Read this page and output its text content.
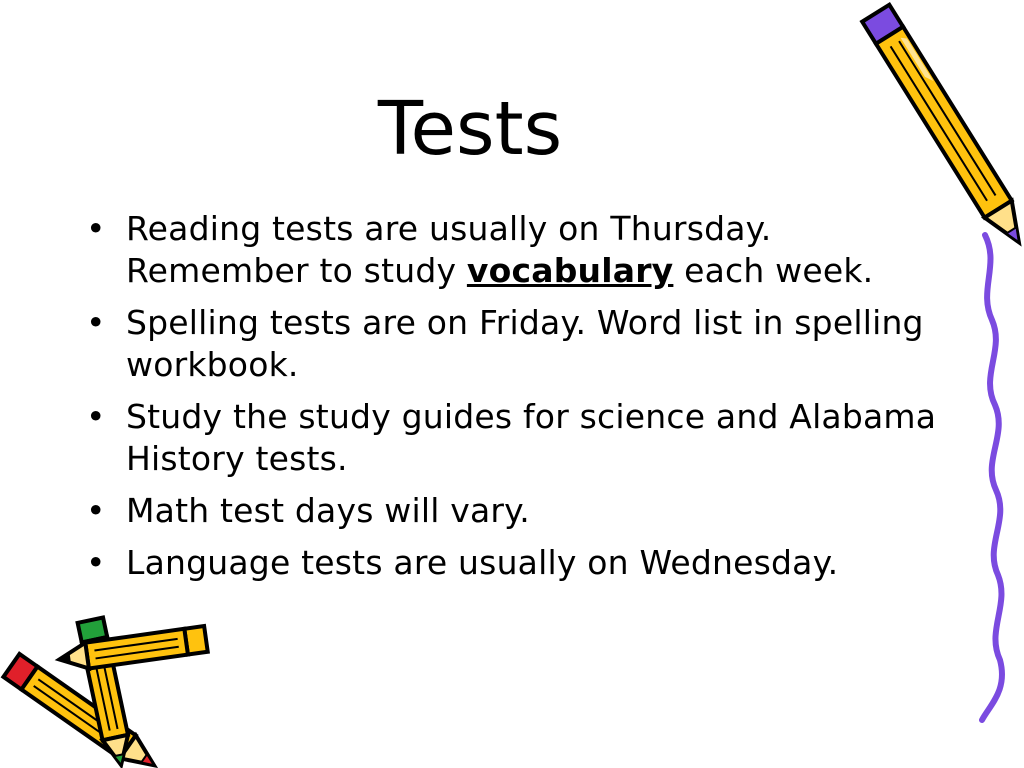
Tests
• Reading tests are usually on Thursday. Remember to study vocabulary each week.
• Spelling tests are on Friday. Word list in spelling workbook.
• Study the study guides for science and Alabama History tests.
• Math test days will vary.
• Language tests are usually on Wednesday.
